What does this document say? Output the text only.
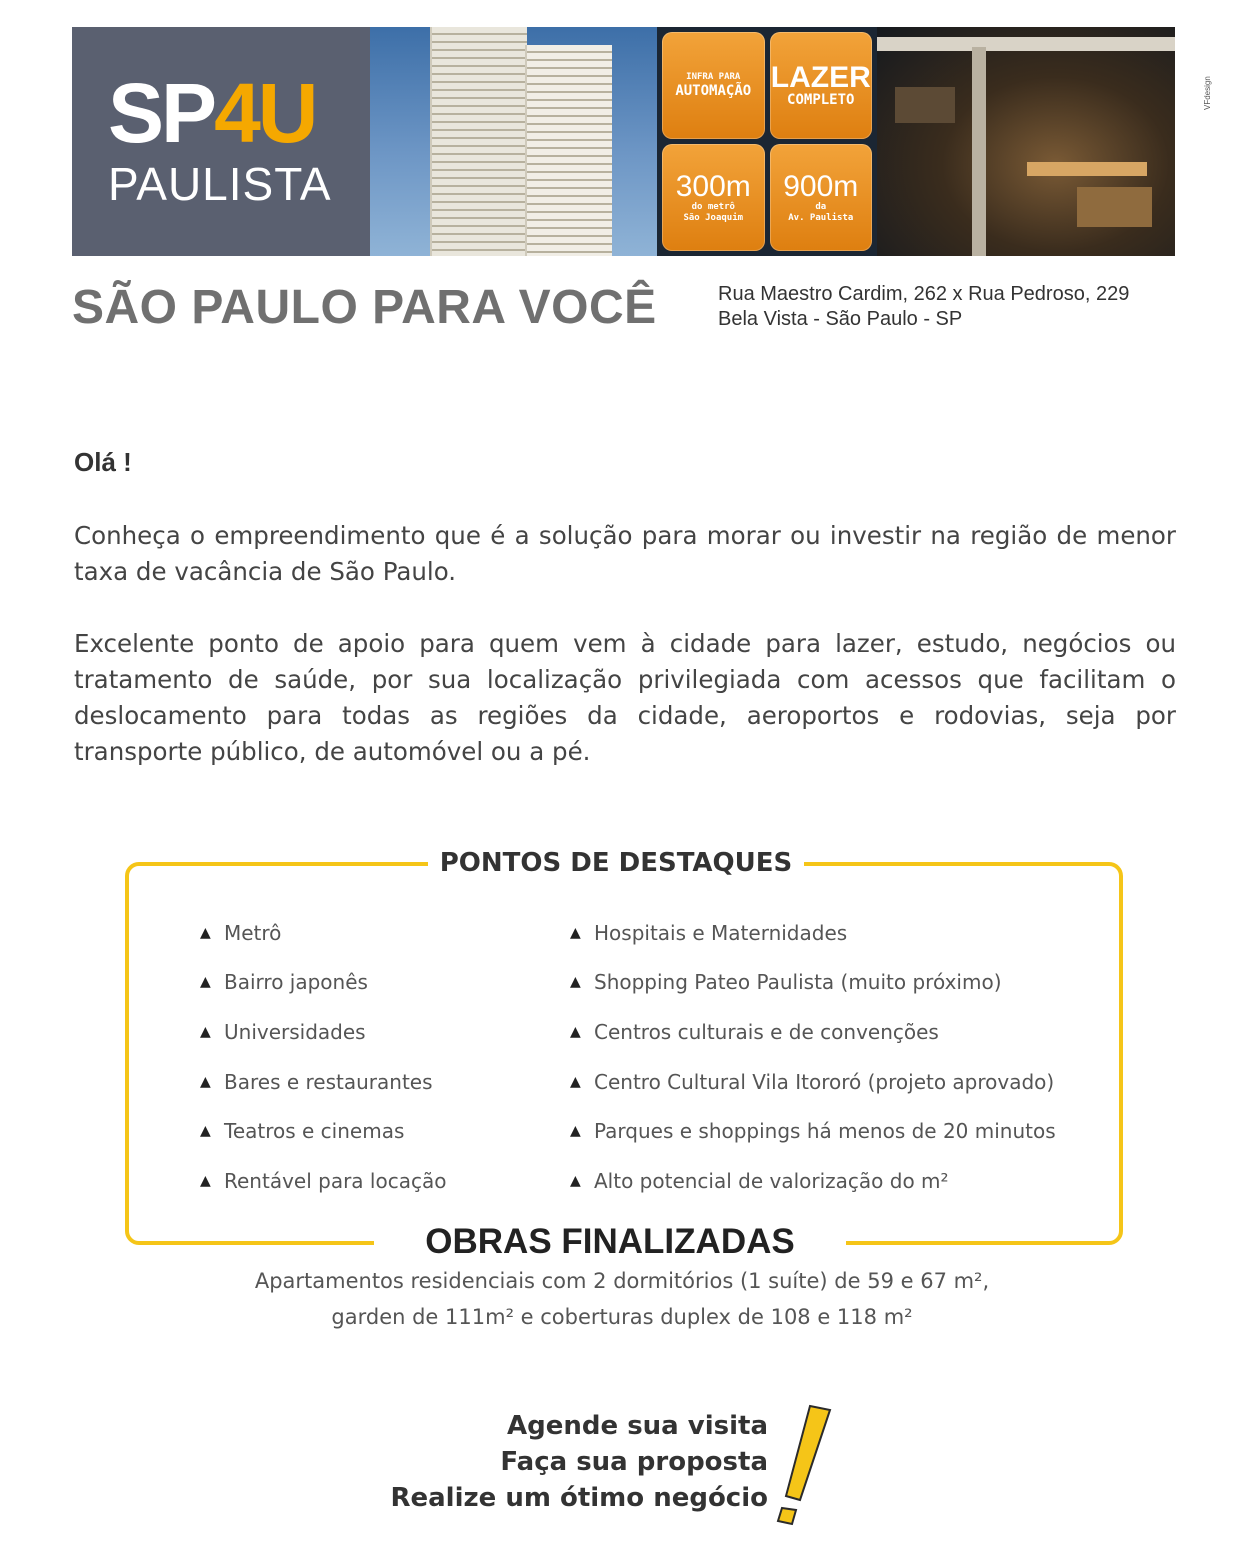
SP4U
PAULISTA
INFRA PARA
AUTOMAÇÃO LAZER
COMPLETO
300m
do metrô
São Joaquim
900m
da
Av. Paulista
VFdesign
SÃO PAULO PARA VOCÊ	Rua Maestro Cardim, 262 x Rua Pedroso, 229
Bela Vista - São Paulo - SP
Olá !
Conheça o empreendimento que é a solução para morar ou investir na região de menor taxa de vacância de São Paulo.
Excelente ponto de apoio para quem vem à cidade para lazer, estudo, negócios ou tratamento de saúde, por sua localização privilegiada com acessos que facilitam o deslocamento para todas as regiões da cidade, aeroportos e rodovias, seja por transporte público, de automóvel ou a pé.
PONTOS DE DESTAQUES
▲ Metrô
▲ Bairro japonês
▲ Universidades
▲ Bares e restaurantes
▲ Teatros e cinemas
▲ Rentável para locação
▲ Hospitais e Maternidades
▲ Shopping Pateo Paulista (muito próximo)
▲ Centros culturais e de convenções
▲ Centro Cultural Vila Itororó (projeto aprovado)
▲ Parques e shoppings há menos de 20 minutos
▲ Alto potencial de valorização do m²
OBRAS FINALIZADAS
Apartamentos residenciais com 2 dormitórios (1 suíte) de 59 e 67 m²,
garden de 111m² e coberturas duplex de 108 e 118 m²
Agende sua visita
Faça sua proposta
Realize um ótimo negócio
